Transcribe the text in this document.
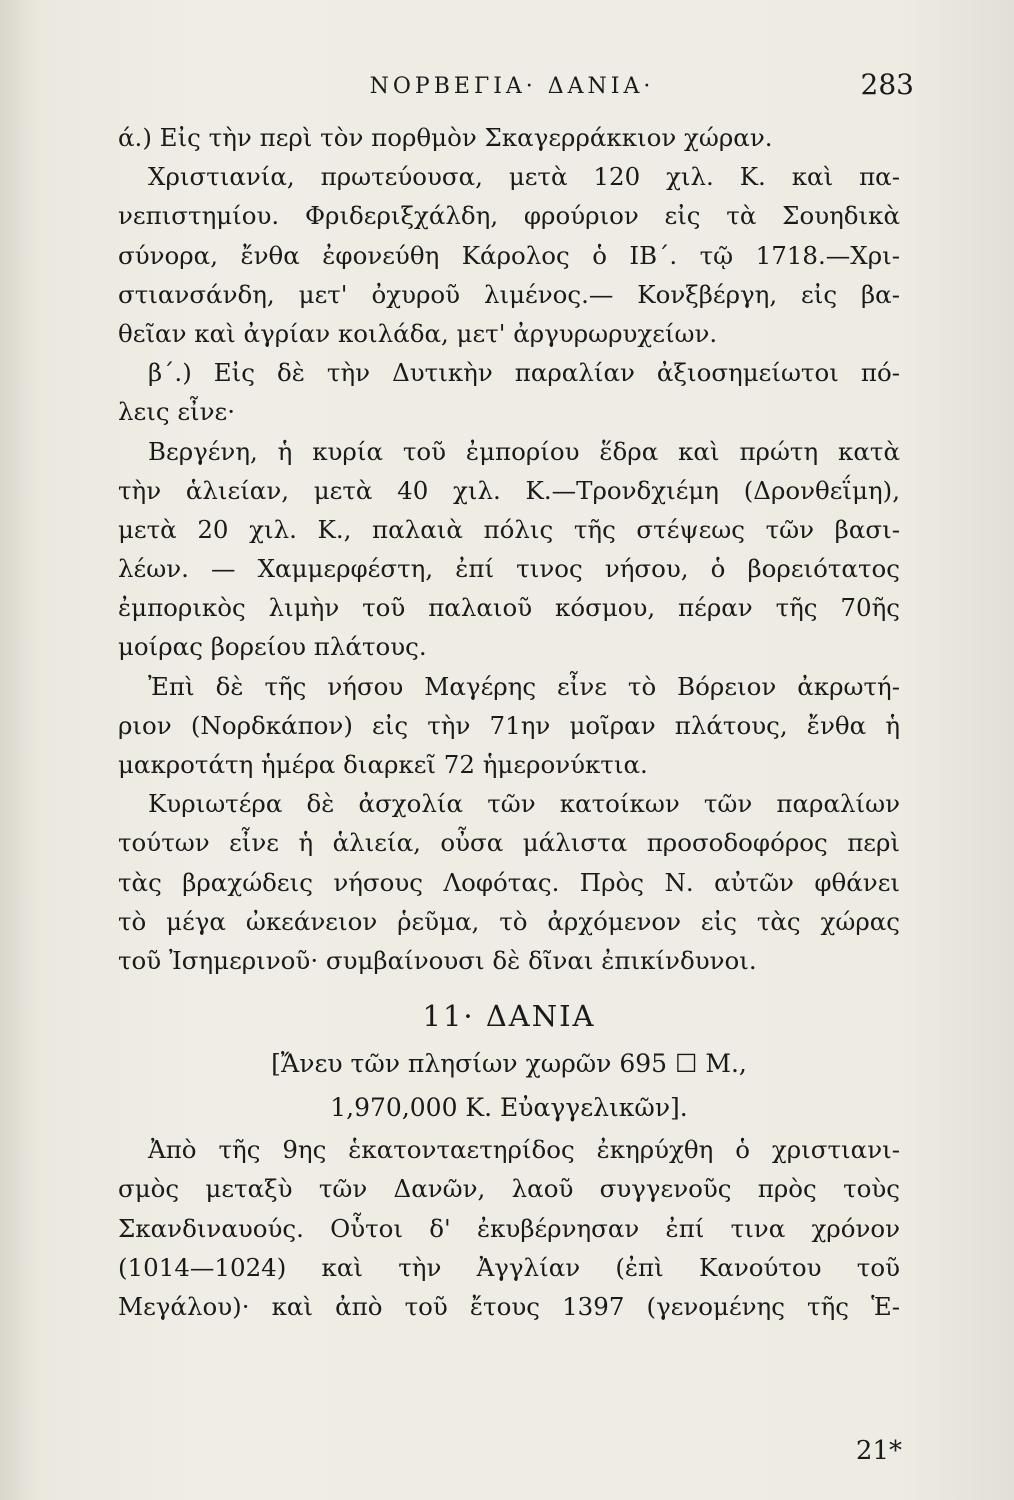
ΝΟΡΒΕΓΙΑ· ΔΑΝΙΑ·	283
ά.) Εἰς τὴν περὶ τὸν πορθμὸν Σκαγερράκκιον χώραν.
Χριστιανία, πρωτεύουσα, μετὰ 120 χιλ. Κ. καὶ πα-
νεπιστημίου. Φριδεριξχάλδη, φρούριον εἰς τὰ Σουηδικὰ
σύνορα, ἔνθα ἐφονεύθη Κάρολος ὁ ΙΒ΄. τῷ 1718.—Χρι-
στιανσάνδη, μετ' ὀχυροῦ λιμένος.— Κονξβέργη, εἰς βα-
θεῖαν καὶ ἀγρίαν κοιλάδα, μετ' ἀργυρωρυχείων.
β΄.) Εἰς δὲ τὴν Δυτικὴν παραλίαν ἀξιοσημείωτοι πό-
λεις εἶνε·
Βεργένη, ἡ κυρία τοῦ ἐμπορίου ἕδρα καὶ πρώτη κατὰ
τὴν ἁλιείαν, μετὰ 40 χιλ. Κ.—Τρονδχιέμη (Δρονθεΐμη),
μετὰ 20 χιλ. Κ., παλαιὰ πόλις τῆς στέψεως τῶν βασι-
λέων. — Χαμμερφέστη, ἐπί τινος νήσου, ὁ βορειότατος
ἐμπορικὸς λιμὴν τοῦ παλαιοῦ κόσμου, πέραν τῆς 70ῆς
μοίρας βορείου πλάτους.
Ἐπὶ δὲ τῆς νήσου Μαγέρης εἶνε τὸ Βόρειον ἀκρωτή-
ριον (Νορδκάπον) εἰς τὴν 71ην μοῖραν πλάτους, ἔνθα ἡ
μακροτάτη ἡμέρα διαρκεῖ 72 ἡμερονύκτια.
Κυριωτέρα δὲ ἀσχολία τῶν κατοίκων τῶν παραλίων
τούτων εἶνε ἡ ἁλιεία, οὖσα μάλιστα προσοδοφόρος περὶ
τὰς βραχώδεις νήσους Λοφότας. Πρὸς Ν. αὐτῶν φθάνει
τὸ μέγα ὠκεάνειον ῥεῦμα, τὸ ἀρχόμενον εἰς τὰς χώρας
τοῦ Ἰσημερινοῦ· συμβαίνουσι δὲ δῖναι ἐπικίνδυνοι.
11· ΔΑΝΙΑ
[Ἄνευ τῶν πλησίων χωρῶν 695 ☐ Μ.,
1,970,000 Κ. Εὐαγγελικῶν].
Ἀπὸ τῆς 9ης ἑκατονταετηρίδος ἐκηρύχθη ὁ χριστιανι-
σμὸς μεταξὺ τῶν Δανῶν, λαοῦ συγγενοῦς πρὸς τοὺς
Σκανδιναυούς. Οὗτοι δ' ἐκυβέρνησαν ἐπί τινα χρόνον
(1014—1024) καὶ τὴν Ἀγγλίαν (ἐπὶ Κανούτου τοῦ
Μεγάλου)· καὶ ἀπὸ τοῦ ἔτους 1397 (γενομένης τῆς Ἑ-
21*
